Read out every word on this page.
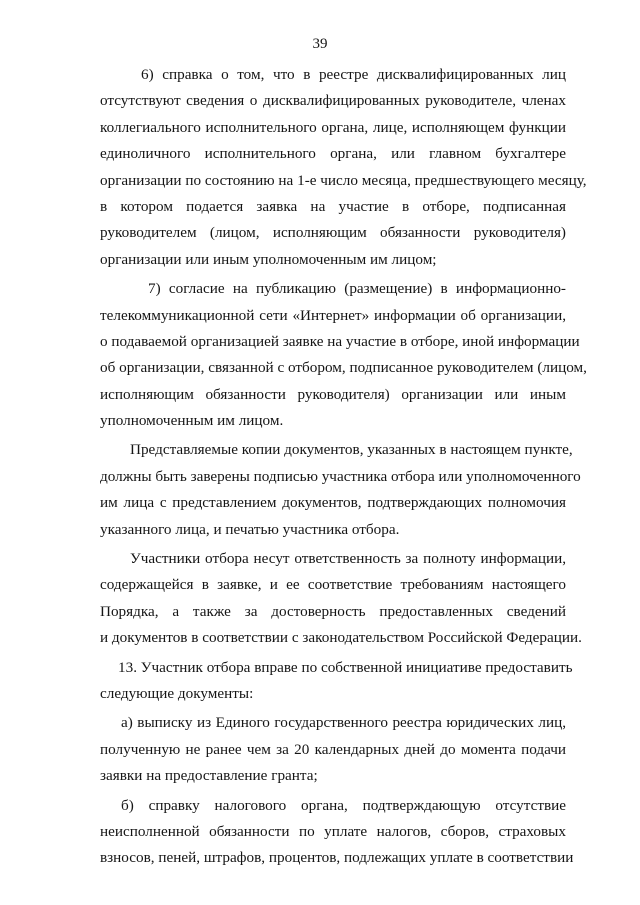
39
6) справка о том, что в реестре дисквалифицированных лиц
отсутствуют сведения о дисквалифицированных руководителе, членах
коллегиального исполнительного органа, лице, исполняющем функции
единоличного исполнительного органа, или главном бухгалтере
организации по состоянию на 1-е число месяца, предшествующего месяцу,
в котором подается заявка на участие в отборе, подписанная
руководителем (лицом, исполняющим обязанности руководителя)
организации или иным уполномоченным им лицом;
7) согласие на публикацию (размещение) в информационно-
телекоммуникационной сети «Интернет» информации об организации,
о подаваемой организацией заявке на участие в отборе, иной информации
об организации, связанной с отбором, подписанное руководителем (лицом,
исполняющим обязанности руководителя) организации или иным
уполномоченным им лицом.
Представляемые копии документов, указанных в настоящем пункте,
должны быть заверены подписью участника отбора или уполномоченного
им лица с представлением документов, подтверждающих полномочия
указанного лица, и печатью участника отбора.
Участники отбора несут ответственность за полноту информации,
содержащейся в заявке, и ее соответствие требованиям настоящего
Порядка, а также за достоверность предоставленных сведений
и документов в соответствии с законодательством Российской Федерации.
13. Участник отбора вправе по собственной инициативе предоставить
следующие документы:
а) выписку из Единого государственного реестра юридических лиц,
полученную не ранее чем за 20 календарных дней до момента подачи
заявки на предоставление гранта;
б) справку налогового органа, подтверждающую отсутствие
неисполненной обязанности по уплате налогов, сборов, страховых
взносов, пеней, штрафов, процентов, подлежащих уплате в соответствии
